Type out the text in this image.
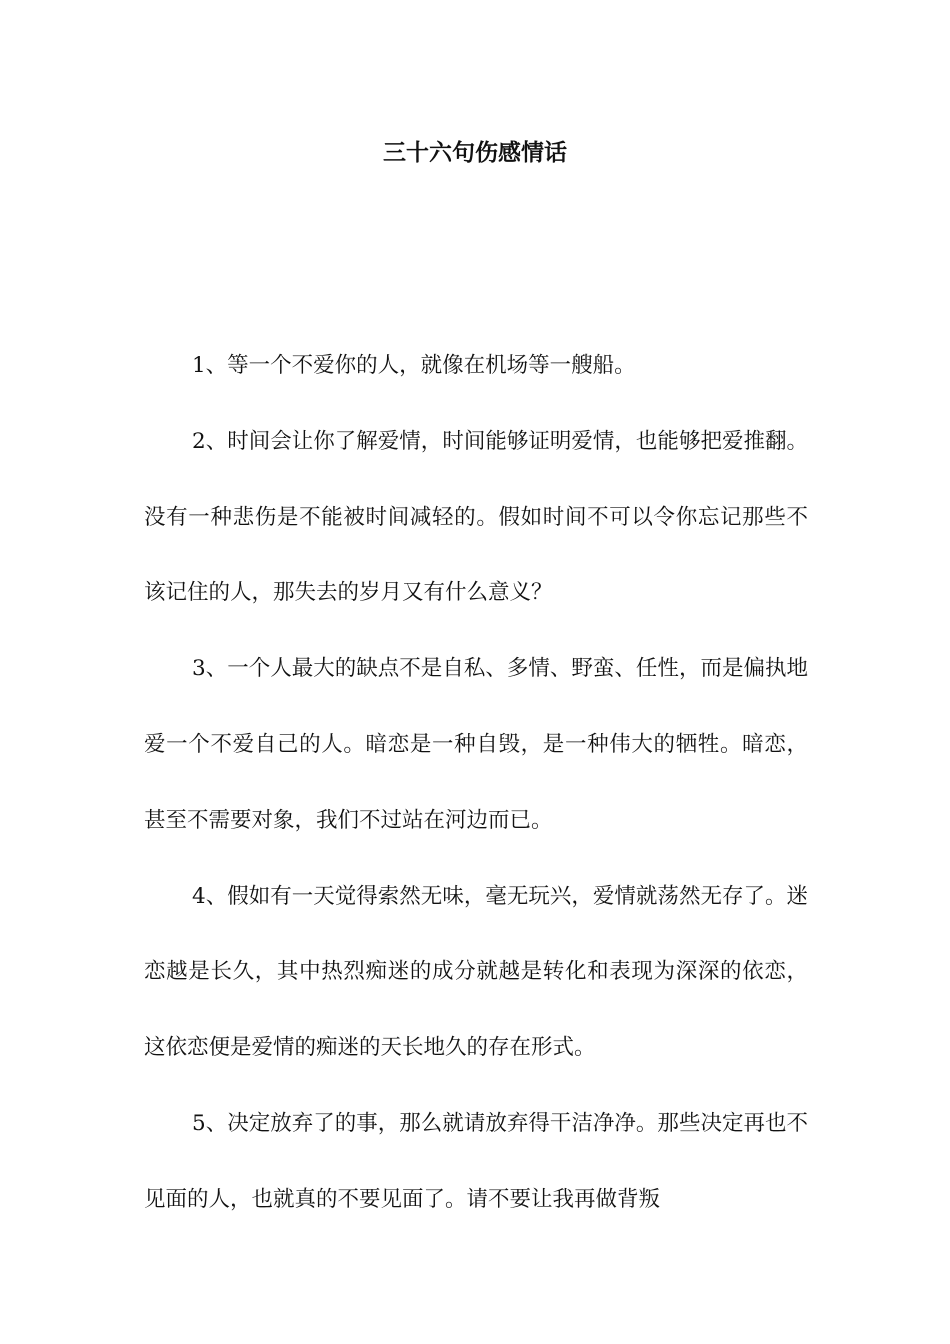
三十六句伤感情话

1、等一个不爱你的人，就像在机场等一艘船。

2、时间会让你了解爱情，时间能够证明爱情，也能够把爱推翻。没有一种悲伤是不能被时间减轻的。假如时间不可以令你忘记那些不该记住的人，那失去的岁月又有什么意义？

3、一个人最大的缺点不是自私、多情、野蛮、任性，而是偏执地爱一个不爱自己的人。暗恋是一种自毁，是一种伟大的牺牲。暗恋，甚至不需要对象，我们不过站在河边而已。

4、假如有一天觉得索然无味，毫无玩兴，爱情就荡然无存了。迷恋越是长久，其中热烈痴迷的成分就越是转化和表现为深深的依恋，这依恋便是爱情的痴迷的天长地久的存在形式。

5、决定放弃了的事，那么就请放弃得干洁净净。那些决定再也不见面的人，也就真的不要见面了。请不要让我再做背叛
